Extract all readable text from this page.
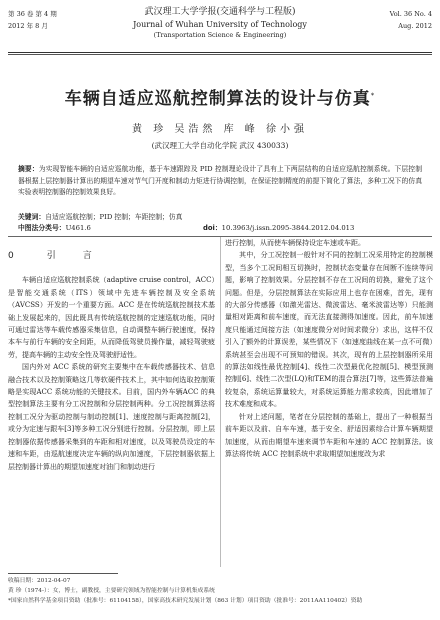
第 36 卷 第 4 期
2012 年 8 月
武汉理工大学学报(交通科学与工程版)
Journal of Wuhan University of Technology
(Transportation Science & Engineering)
Vol. 36 No. 4
Aug. 2012
车辆自适应巡航控制算法的设计与仿真*
黄 珍 吴浩然 库 峰 徐小强
(武汉理工大学自动化学院 武汉 430033)
摘要：为实现智能车辆的自适应巡航功能，基于车速跟踪及 PID 控制理论设计了具有上下两层结构的自适应巡航控制系统。下层控制器根据上层控制器计算出的期望车速对节气门开度和制动力矩进行协调控制，在保证控制精度的前提下简化了算法，多种工况下的仿真实验表明控制器的控制效果良好。
关键词：自适应巡航控制；PID 控制；车距控制；仿真
中图法分类号：U461.6	doi：10.3963/j.issn.2095-3844.2012.04.013
0	引　　言

车辆自适应巡航控制系统（adaptive cruise control，ACC）是智能交通系统（ITS）领域中先进车辆控制及安全系统（AVCSS）开发的一个重要方面。ACC 是在传统巡航控制技术基础上发展起来的，因此既具有传统巡航控制的定速巡航功能，同时可通过雷达等车载传感器采集信息，自动调整车辆行驶速度，保持本车与前行车辆的安全间距，从而降低驾驶员操作量，减轻驾驶疲劳，提高车辆的主动安全性及驾驶舒适性。

国内外对 ACC 系统的研究主要集中在车载传感器技术、信息融合技术以及控制策略这几等软硬件技术上，其中如何选取控制策略是实现ACC 系统功能的关键技术。目前，国内外车辆ACC 的典型控制算法主要有分工况控制和分层控制两种。分工况控制算法将控制工况分为驱动控制与制动控制[1]、速度控制与距离控制[2]，或分为定速与跟车[3]等多种工况分别进行控制。分层控制，即上层控制器依据传感器采集到的车距和相对速度，以及驾驶员设定的车速和车距，由巡航速度决定车辆的纵向加速度，下层控制器依据上层控制器计算出的期望加速度对油门和制动进行

进行控制，从而使车辆保持设定车速或车距。

其中，分工况控制一般针对不同的控制工况采用特定的控制模型，当多个工况间相互切换时，控制状态变量存在间断不连续等问题，影响了控制效果。分层控制不存在工况间的切换，避免了这个问题。但是，分层控制算法在实际应用上也存在困难，首先，现有的大部分传感器（如激光雷达、微波雷达、毫米波雷达等）只能测量相对距离和前车速度，而无法直接测得加速度。因此，前车加速度只能通过间接方法（如速度微分对时间求微分）求出，这样不仅引入了额外的计算误差，某些情况下（如速度曲线在某一点不可微）系统甚至会出现不可预知的错误。其次，现有的上层控制器所采用的算法如线性最优控制[4]、线性二次型最优化控制[5]、模型预测控制[6]、线性二次型(LQ)和TEM的混合算法[7]等，这些算法普遍较复杂，系统运算量较大，对系统运算能力需求较高，因此增加了技术难度和成本。

针对上述问题，笔者在分层控制的基础上，提出了一种根据当前车距以及前、自车车速，基于安全、舒适因素综合计算车辆期望加速度，从而由期望车速来调节车距和车速的 ACC 控制算法。该算法将传统 ACC 控制系统中求取期望加速度改为求

收稿日期：2012-04-07
黄 珍（1974-）：女，博士，副教授，主要研究领域为智能控制与计算机集成系统
*国家自然科学基金项目资助（批准号：61104158），国家高技术研究发展计划（863 计划）项目资助（批准号：2011AA110402）资助
